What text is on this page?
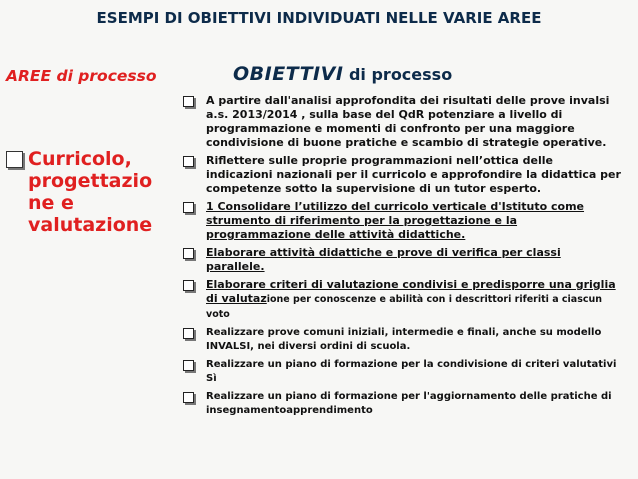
ESEMPI DI OBIETTIVI INDIVIDUATI NELLE VARIE AREE
AREE di processo	OBIETTIVI di processo
Curricolo,
progettazio
ne e
valutazione
A partire dall'analisi approfondita dei risultati delle prove invalsi a.s. 2013/2014 , sulla base del QdR potenziare a livello di programmazione e momenti di confronto per una maggiore condivisione di buone pratiche e scambio di strategie operative.
Riflettere sulle proprie programmazioni nell’ottica delle indicazioni nazionali per il curricolo e approfondire la didattica per competenze sotto la supervisione di un tutor esperto.
1 Consolidare l’utilizzo del curricolo verticale d'Istituto come strumento di riferimento per la progettazione e la programmazione delle attività didattiche.
Elaborare attività didattiche e prove di verifica per classi parallele.
Elaborare criteri di valutazione condivisi e predisporre una griglia di valutazione per conoscenze e abilità con i descrittori riferiti a ciascun voto
Realizzare prove comuni iniziali, intermedie e finali, anche su modello INVALSI, nei diversi ordini di scuola.
Realizzare un piano di formazione per la condivisione di criteri valutativi Sì
Realizzare un piano di formazione per l'aggiornamento delle pratiche di insegnamentoapprendimento
